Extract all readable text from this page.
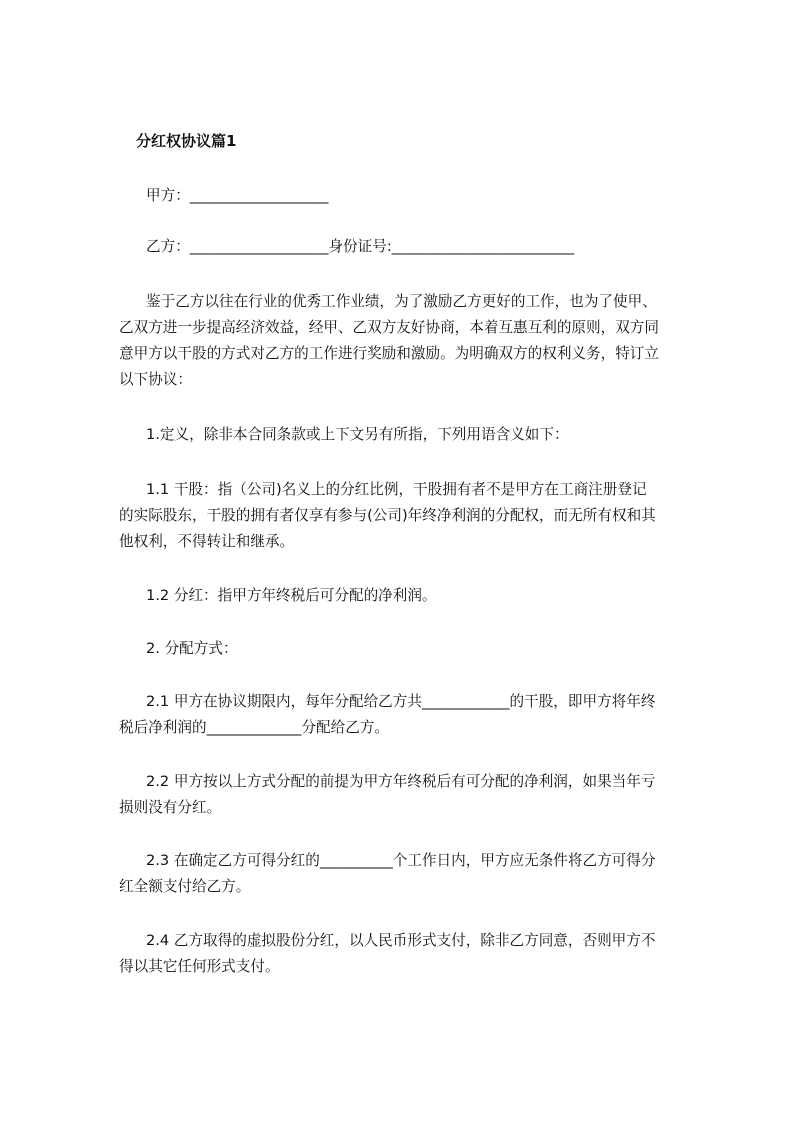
分红权协议篇1
甲方：___________________
乙方：___________________身份证号:_________________________
鉴于乙方以往在行业的优秀工作业绩，为了激励乙方更好的工作，也为了使甲、
乙双方进一步提高经济效益，经甲、乙双方友好协商，本着互惠互利的原则，双方同
意甲方以干股的方式对乙方的工作进行奖励和激励。为明确双方的权利义务，特订立
以下协议：
1.定义，除非本合同条款或上下文另有所指，下列用语含义如下：
1.1 干股：指（公司)名义上的分红比例，干股拥有者不是甲方在工商注册登记
的实际股东，干股的拥有者仅享有参与(公司)年终净利润的分配权，而无所有权和其
他权利，不得转让和继承。
1.2 分红：指甲方年终税后可分配的净利润。
2. 分配方式：
2.1 甲方在协议期限内，每年分配给乙方共____________的干股，即甲方将年终
税后净利润的_____________分配给乙方。
2.2 甲方按以上方式分配的前提为甲方年终税后有可分配的净利润，如果当年亏
损则没有分红。
2.3 在确定乙方可得分红的__________个工作日内，甲方应无条件将乙方可得分
红全额支付给乙方。
2.4 乙方取得的虚拟股份分红，以人民币形式支付，除非乙方同意，否则甲方不
得以其它任何形式支付。
